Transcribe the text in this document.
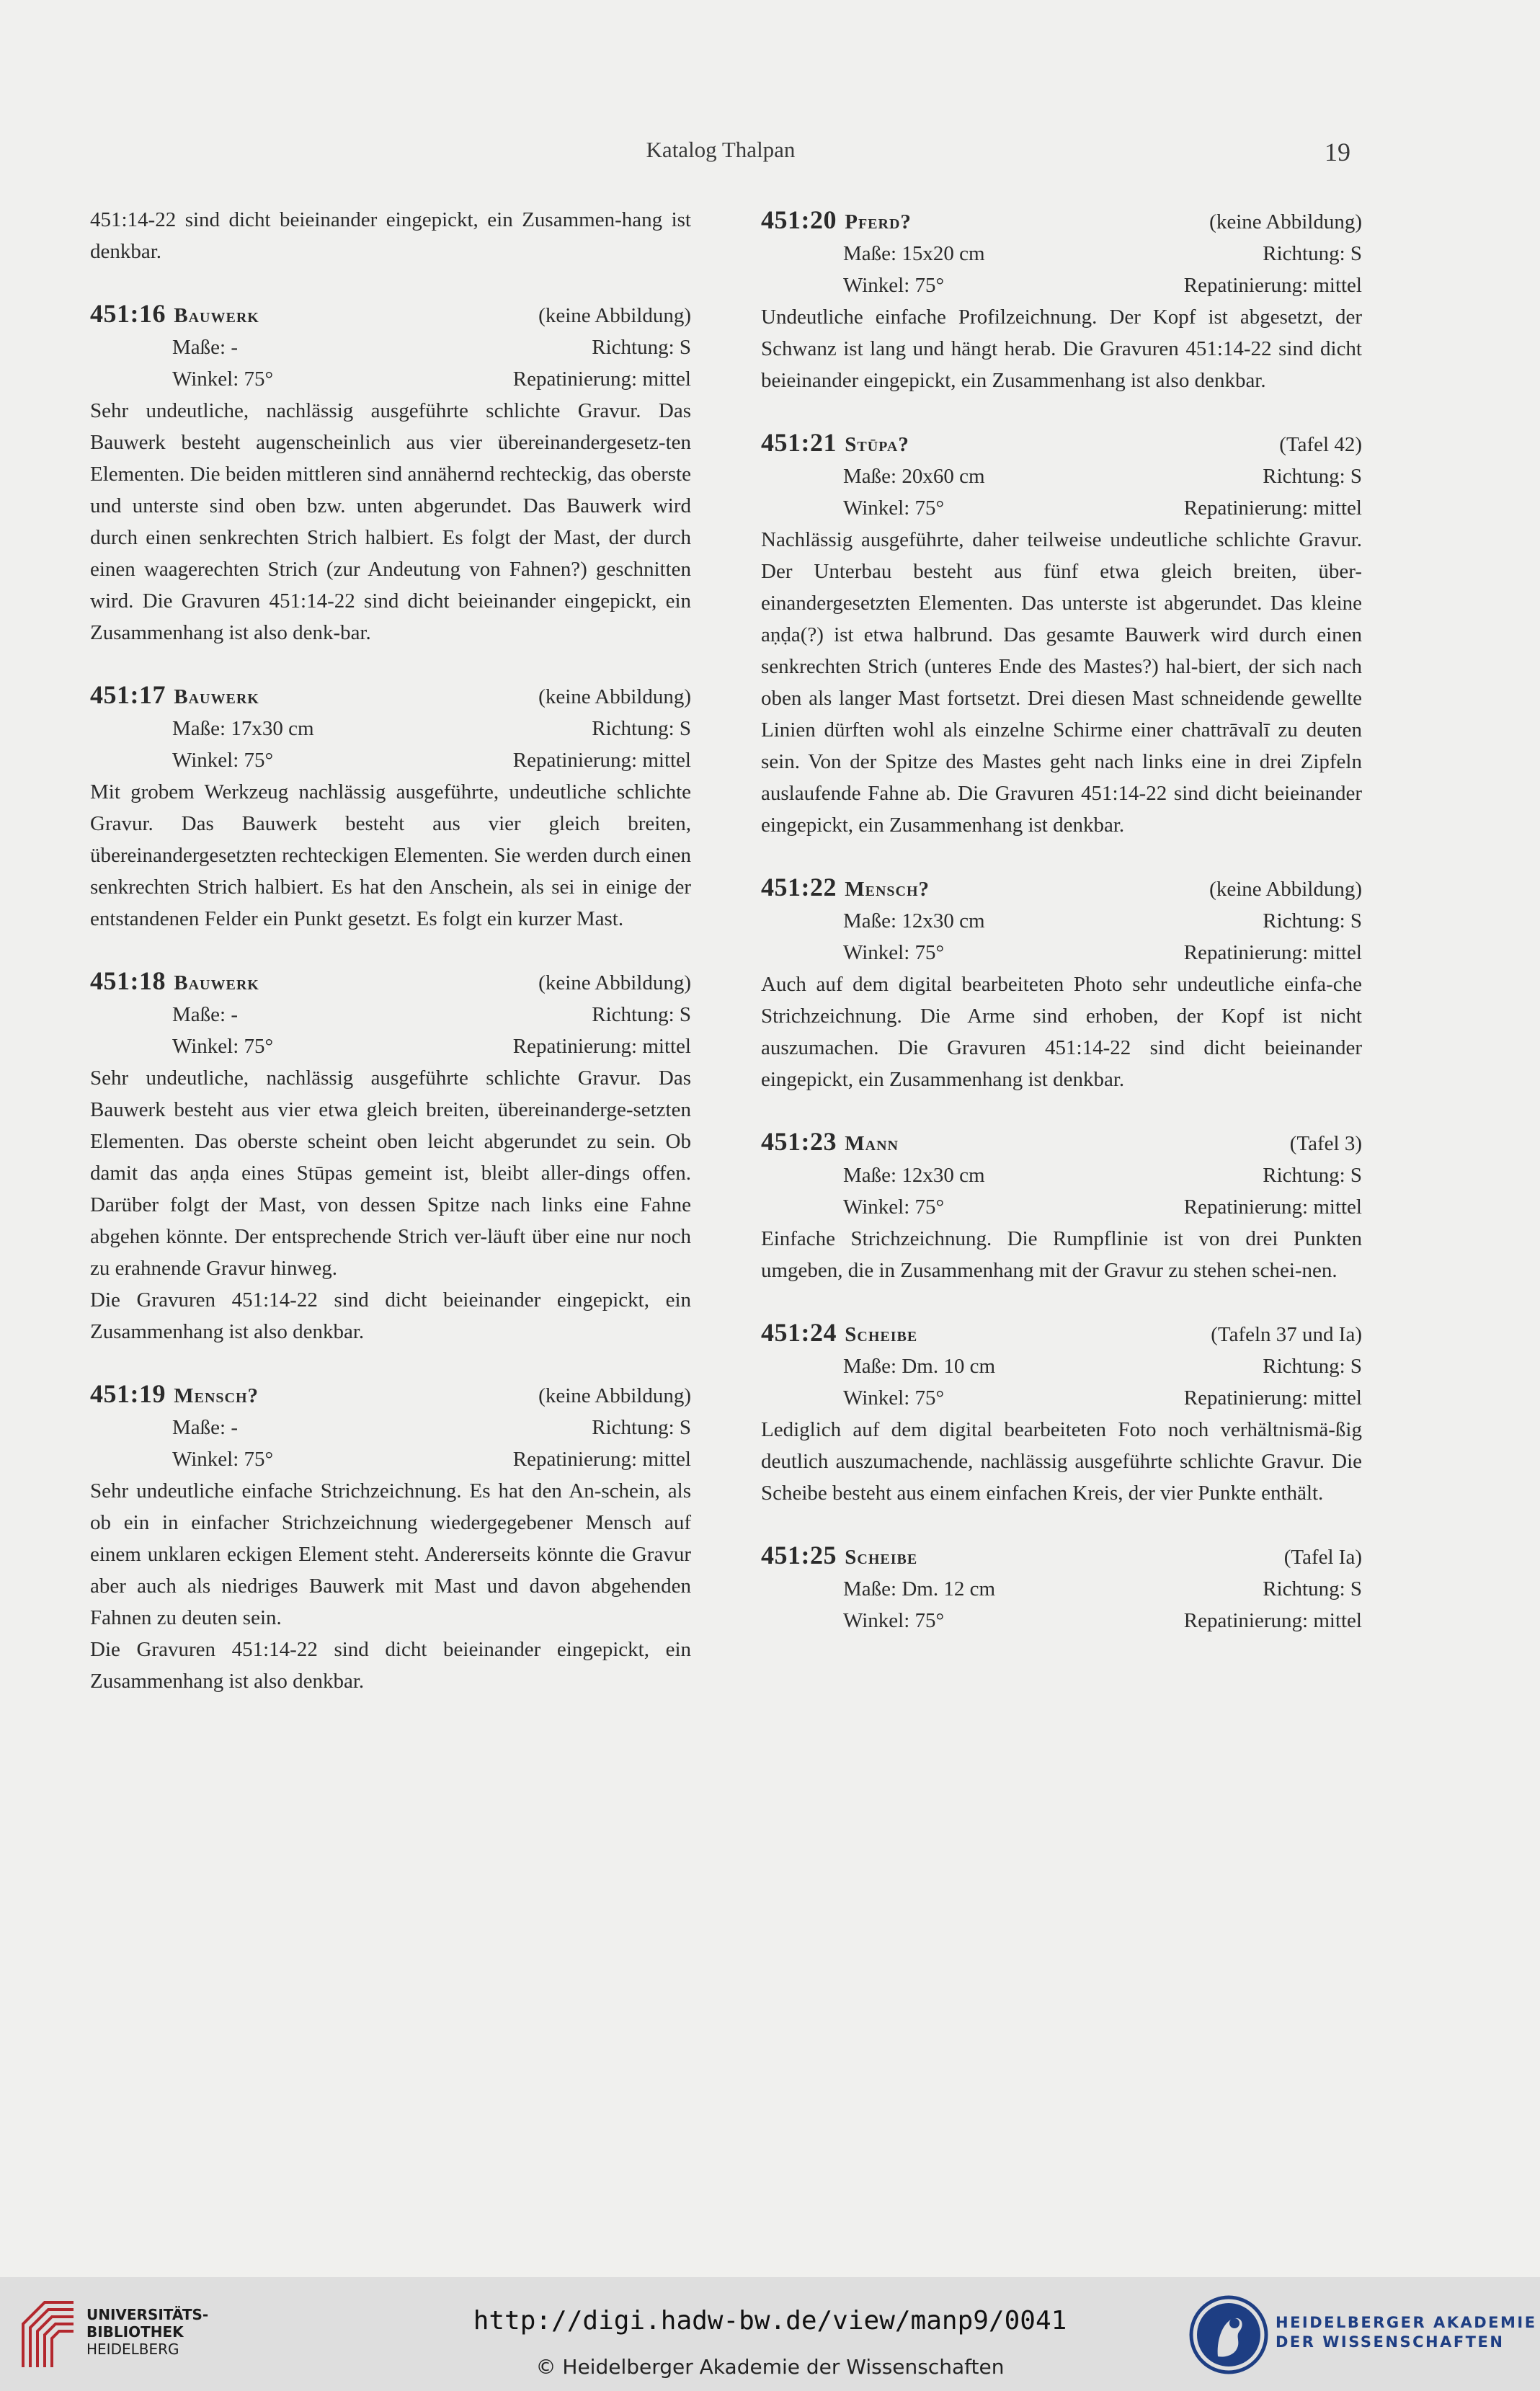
Katalog Thalpan	19

451:14-22 sind dicht beieinander eingepickt, ein Zusammen-hang ist denkbar.

451:16 Bauwerk	(keine Abbildung)
Maße: -	Richtung: S
Winkel: 75°	Repatinierung: mittel

Sehr undeutliche, nachlässig ausgeführte schlichte Gravur. Das Bauwerk besteht augenscheinlich aus vier übereinandergesetz-ten Elementen. Die beiden mittleren sind annähernd rechteckig, das oberste und unterste sind oben bzw. unten abgerundet. Das Bauwerk wird durch einen senkrechten Strich halbiert. Es folgt der Mast, der durch einen waagerechten Strich (zur Andeutung von Fahnen?) geschnitten wird. Die Gravuren 451:14-22 sind dicht beieinander eingepickt, ein Zusammenhang ist also denk-bar.

451:17 Bauwerk	(keine Abbildung)
Maße: 17x30 cm	Richtung: S
Winkel: 75°	Repatinierung: mittel

Mit grobem Werkzeug nachlässig ausgeführte, undeutliche schlichte Gravur. Das Bauwerk besteht aus vier gleich breiten, übereinandergesetzten rechteckigen Elementen. Sie werden durch einen senkrechten Strich halbiert. Es hat den Anschein, als sei in einige der entstandenen Felder ein Punkt gesetzt. Es folgt ein kurzer Mast.

451:18 Bauwerk	(keine Abbildung)
Maße: -	Richtung: S
Winkel: 75°	Repatinierung: mittel

Sehr undeutliche, nachlässig ausgeführte schlichte Gravur. Das Bauwerk besteht aus vier etwa gleich breiten, übereinanderge-setzten Elementen. Das oberste scheint oben leicht abgerundet zu sein. Ob damit das aṇḍa eines Stūpas gemeint ist, bleibt aller-dings offen. Darüber folgt der Mast, von dessen Spitze nach links eine Fahne abgehen könnte. Der entsprechende Strich ver-läuft über eine nur noch zu erahnende Gravur hinweg.

Die Gravuren 451:14-22 sind dicht beieinander eingepickt, ein Zusammenhang ist also denkbar.

451:19 Mensch?	(keine Abbildung)
Maße: -	Richtung: S
Winkel: 75°	Repatinierung: mittel

Sehr undeutliche einfache Strichzeichnung. Es hat den An-schein, als ob ein in einfacher Strichzeichnung wiedergegebener Mensch auf einem unklaren eckigen Element steht. Andererseits könnte die Gravur aber auch als niedriges Bauwerk mit Mast und davon abgehenden Fahnen zu deuten sein.

Die Gravuren 451:14-22 sind dicht beieinander eingepickt, ein Zusammenhang ist also denkbar.

451:20 Pferd?	(keine Abbildung)
Maße: 15x20 cm	Richtung: S
Winkel: 75°	Repatinierung: mittel

Undeutliche einfache Profilzeichnung. Der Kopf ist abgesetzt, der Schwanz ist lang und hängt herab. Die Gravuren 451:14-22 sind dicht beieinander eingepickt, ein Zusammenhang ist also denkbar.

451:21 Stūpa?	(Tafel 42)
Maße: 20x60 cm	Richtung: S
Winkel: 75°	Repatinierung: mittel

Nachlässig ausgeführte, daher teilweise undeutliche schlichte Gravur. Der Unterbau besteht aus fünf etwa gleich breiten, über-einandergesetzten Elementen. Das unterste ist abgerundet. Das kleine aṇḍa(?) ist etwa halbrund. Das gesamte Bauwerk wird durch einen senkrechten Strich (unteres Ende des Mastes?) hal-biert, der sich nach oben als langer Mast fortsetzt. Drei diesen Mast schneidende gewellte Linien dürften wohl als einzelne Schirme einer chattrāvalī zu deuten sein. Von der Spitze des Mastes geht nach links eine in drei Zipfeln auslaufende Fahne ab. Die Gravuren 451:14-22 sind dicht beieinander eingepickt, ein Zusammenhang ist denkbar.

451:22 Mensch?	(keine Abbildung)
Maße: 12x30 cm	Richtung: S
Winkel: 75°	Repatinierung: mittel

Auch auf dem digital bearbeiteten Photo sehr undeutliche einfa-che Strichzeichnung. Die Arme sind erhoben, der Kopf ist nicht auszumachen. Die Gravuren 451:14-22 sind dicht beieinander eingepickt, ein Zusammenhang ist denkbar.

451:23 Mann	(Tafel 3)
Maße: 12x30 cm	Richtung: S
Winkel: 75°	Repatinierung: mittel

Einfache Strichzeichnung. Die Rumpflinie ist von drei Punkten umgeben, die in Zusammenhang mit der Gravur zu stehen schei-nen.

451:24 Scheibe	(Tafeln 37 und Ia)
Maße: Dm. 10 cm	Richtung: S
Winkel: 75°	Repatinierung: mittel

Lediglich auf dem digital bearbeiteten Foto noch verhältnismä-ßig deutlich auszumachende, nachlässig ausgeführte schlichte Gravur. Die Scheibe besteht aus einem einfachen Kreis, der vier Punkte enthält.

451:25 Scheibe	(Tafel Ia)
Maße: Dm. 12 cm	Richtung: S
Winkel: 75°	Repatinierung: mittel
UNIVERSITÄTS-
BIBLIOTHEK
HEIDELBERG
http://digi.hadw-bw.de/view/manp9/0041
© Heidelberger Akademie der Wissenschaften
HEIDELBERGER AKADEMIE
DER WISSENSCHAFTEN
